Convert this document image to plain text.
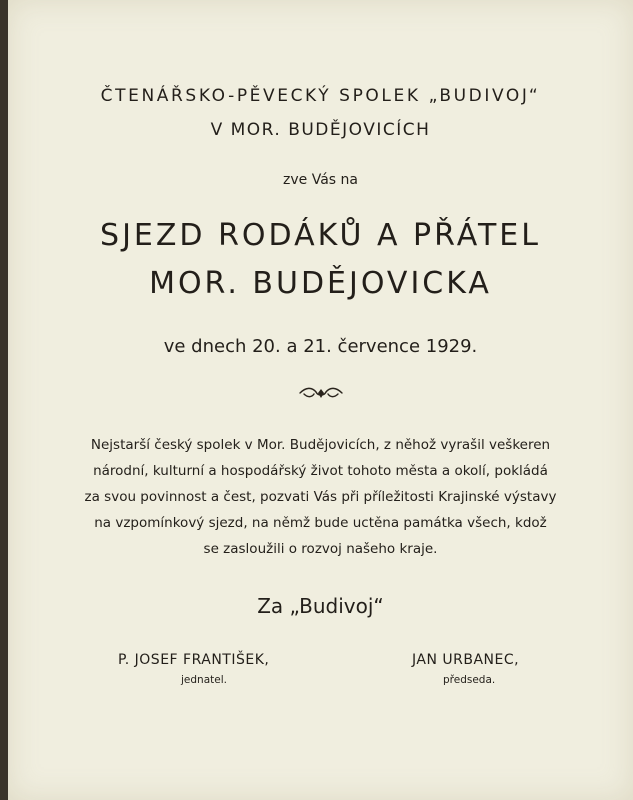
ČTENÁŘSKO-PĚVECKÝ SPOLEK „BUDIVOJ“
V MOR. BUDĚJOVICÍCH
zve Vás na
SJEZD RODÁKŮ A PŘÁTEL
MOR. BUDĚJOVICKA
ve dnech 20. a 21. července 1929.
Nejstarší český spolek v Mor. Budějovicích, z něhož vyrašil veškeren
národní, kulturní a hospodářský život tohoto města a okolí, pokládá
za svou povinnost a čest, pozvati Vás při příležitosti Krajinské výstavy
na vzpomínkový sjezd, na němž bude uctěna památka všech, kdož
se zasloužili o rozvoj našeho kraje.
Za „Budivoj“
P. JOSEF FRANTIŠEK,
jednatel.
JAN URBANEC,
předseda.
